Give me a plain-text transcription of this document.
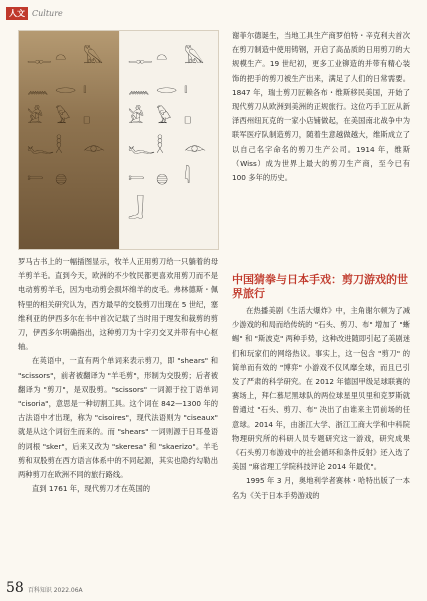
人文 Culture
𓊃 𓏏 𓅓
𓈖 𓂋 𓏤
𓀀 𓅱 𓊪
𓆑 𓎛 𓁹
𓍿 𓐍
𓊃 𓏏 𓅓
𓈖 𓂋 𓏤
𓀀 𓅱 𓊪
𓆑 𓎛 𓁹
𓍿 𓐍 𓇋
𓃀

罗马古书上的一幅插图显示，牧羊人正用剪刀给一只躺着的母羊剪羊毛。直到今天，欧洲的不少牧民都更喜欢用剪刀而不是电动剪剪羊毛，因为电动剪会损坏绵羊的皮毛。弗林德斯・佩特里的相关研究认为，西方最早的交股剪刀出现在 5 世纪，塞维利亚的伊西多尔在书中首次记载了当时用于理发和裁剪的剪刀，伊西多尔明确指出，这种剪刀为十字刃交叉并带有中心枢轴。

在英语中，一直有两个单词来表示剪刀，即 "shears" 和 "scissors"，前者被翻译为 "羊毛剪"，形制为交股剪；后者被翻译为 "剪刀"，是双股剪。"scissors" 一词源于拉丁语单词 "cisoria"，意思是一种切割工具。这个词在 842—1300 年的古法语中才出现，称为 "cisoires"，现代法语则为 "ciseaux" 就是从这个词衍生而来的。而 "shears" 一词则源于日耳曼语的词根 "sker"，后来又改为 "skeresa" 和 "skaerizo"。羊毛剪和双股剪在西方语言体系中的不同起源，其实也隐约勾勒出两种剪刀在欧洲不同的旅行路线。

直到 1761 年，现代剪刀才在英国的

谢菲尔德诞生，当地工具生产商罗伯特・辛克利夫首次在剪刀制造中使用铸钢，开启了高品质的日用剪刀的大规模生产。19 世纪初，更多工业铆造的并带有精心装饰的把手的剪刀被生产出来，满足了人们的日常需要。1847 年，瑞士剪刀匠赖各布・维斯移民美国，开始了现代剪刀从欧洲到美洲的正规旅行。这位巧手工匠从新泽西州纽瓦克的一家小店铺做起，在美国南北战争中为联军医疗队制造剪刀，随着生意越做越大，维斯成立了以自己名字命名的剪刀生产公司。1914 年，维斯（Wiss）成为世界上最大的剪刀生产商，至今已有 100 多年的历史。

中国猜拳与日本手戏：剪刀游戏的世界旅行

在热播美剧《生活大爆炸》中，主角谢尔顿为了减少游戏的和局而给传统的 "石头、剪刀、布" 增加了 "蜥蜴" 和 "斯波克" 两种手势，这种改进随即引起了美剧迷们和玩家们的网络热议。事实上，这一包含 "剪刀" 的简单而有效的 "博弈" 小游戏不仅风靡全球，而且已引发了严肃的科学研究。在 2012 年德国甲级足球联赛的赛场上，拜仁慕尼黑球队的两位球星里贝里和克罗斯就曾通过 "石头、剪刀、布" 决出了由谁来主罚前场的任意球。2014 年，由浙江大学、浙江工商大学和中科院物理研究所的科研人员专题研究这一游戏，研究成果《石头剪刀布游戏中的社会循环和条件反射》还入选了美国 "麻省理工学院科技评论 2014 年最优"。

1995 年 3 月，奥地利学者赛林・哈特出版了一本名为《关于日本手势游戏的

58 百科知识 2022.06A
